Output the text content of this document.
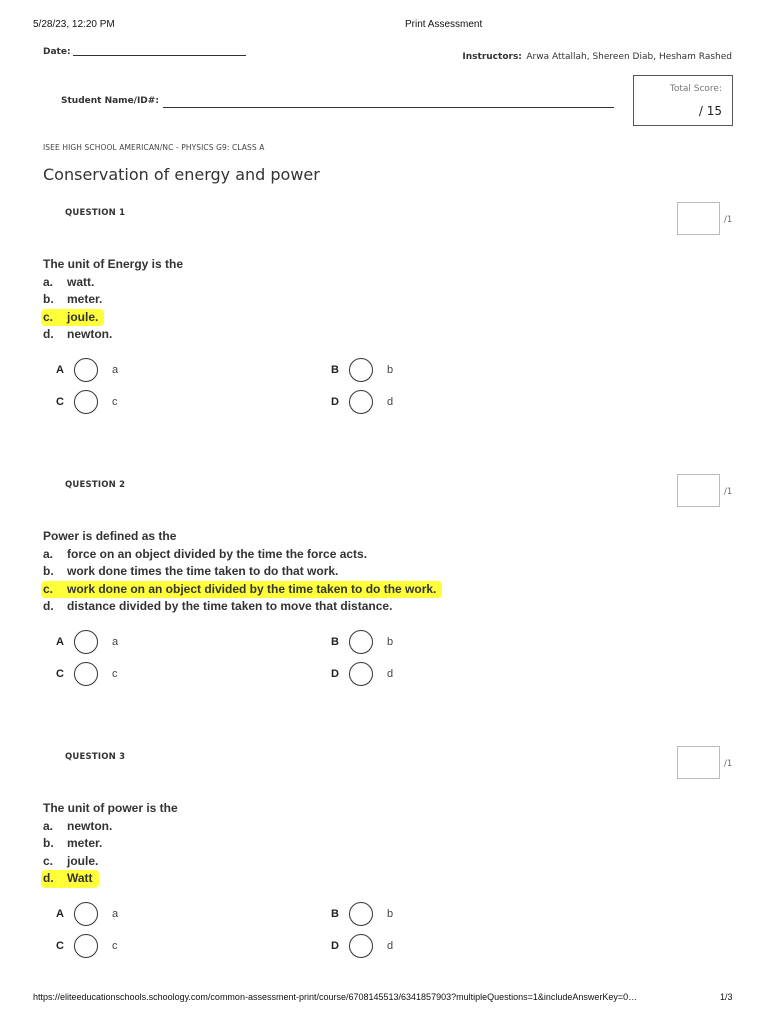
5/28/23, 12:20 PM	Print Assessment
Date:	Instructors: Arwa Attallah, Shereen Diab, Hesham Rashed
Student Name/ID#:
Total Score:
/ 15
ISEE HIGH SCHOOL AMERICAN/NC - PHYSICS G9: CLASS A
Conservation of energy and power
QUESTION 1
/1
The unit of Energy is the
a. watt.
b. meter.
c. joule.
d. newton.
A	a	B	b
C	c	D	d
QUESTION 2
/1
Power is defined as the
a. force on an object divided by the time the force acts.
b. work done times the time taken to do that work.
c. work done on an object divided by the time taken to do the work.
d. distance divided by the time taken to move that distance.
A	a	B	b
C	c	D	d
QUESTION 3
/1
The unit of power is the
a. newton.
b. meter.
c. joule.
d. Watt
A	a	B	b
C	c	D	d
https://eliteeducationschools.schoology.com/common-assessment-print/course/6708145513/6341857903?multipleQuestions=1&includeAnswerKey=0…	1/3
